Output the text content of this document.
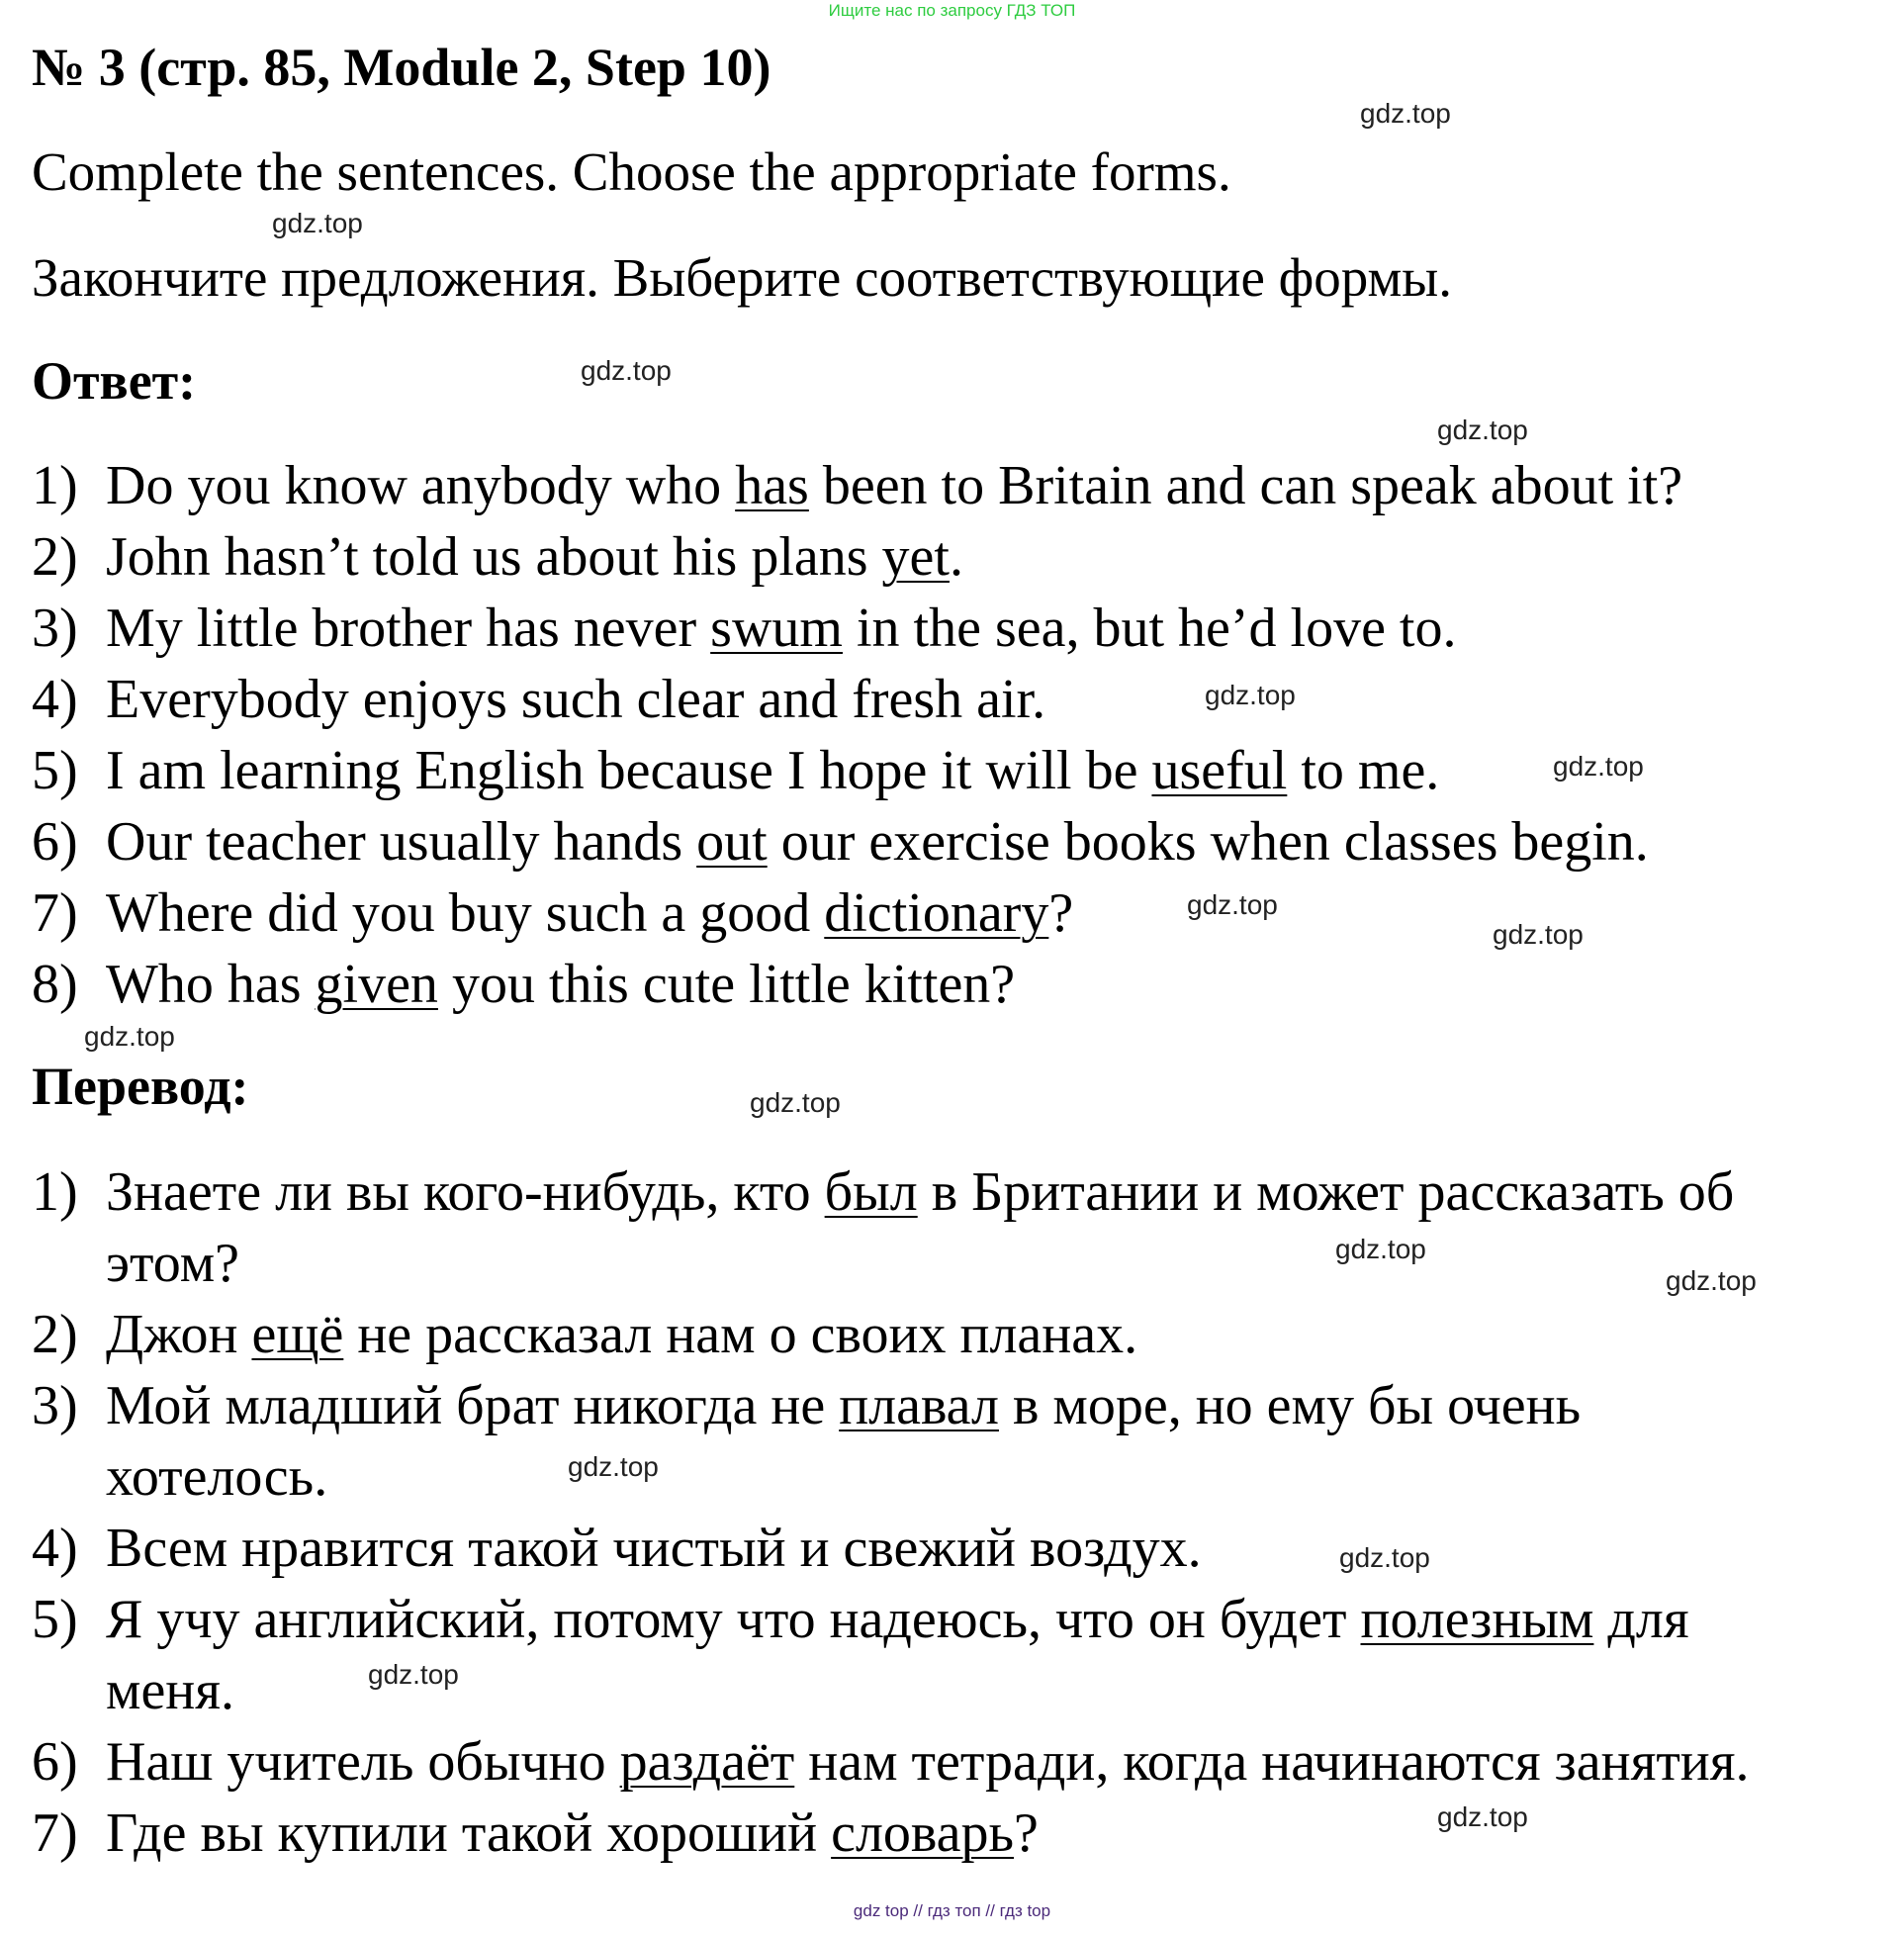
Ищите нас по запросу ГДЗ ТОП
№ 3 (стр. 85, Module 2, Step 10)
Complete the sentences. Choose the appropriate forms.
Закончите предложения. Выберите соответствующие формы.
Ответ:
Перевод:
1) Do you know anybody who has been to Britain and can speak about it?
2) John hasn’t told us about his plans yet.
3) My little brother has never swum in the sea, but he’d love to.
4) Everybody enjoys such clear and fresh air.
5) I am learning English because I hope it will be useful to me.
6) Our teacher usually hands out our exercise books when classes begin.
7) Where did you buy such a good dictionary?
8) Who has given you this cute little kitten?
1) Знаете ли вы кого-нибудь, кто был в Британии и может рассказать об
этом?
2) Джон ещё не рассказал нам о своих планах.
3) Мой младший брат никогда не плавал в море, но ему бы очень
хотелось.
4) Всем нравится такой чистый и свежий воздух.
5) Я учу английский, потому что надеюсь, что он будет полезным для
меня.
6) Наш учитель обычно раздаёт нам тетради, когда начинаются занятия.
7) Где вы купили такой хороший словарь?
gdz.top
gdz.top
gdz.top
gdz.top
gdz.top
gdz.top
gdz.top
gdz.top
gdz.top
gdz.top
gdz.top
gdz.top
gdz.top
gdz.top
gdz.top
gdz.top
gdz top // гдз топ // гдз top
